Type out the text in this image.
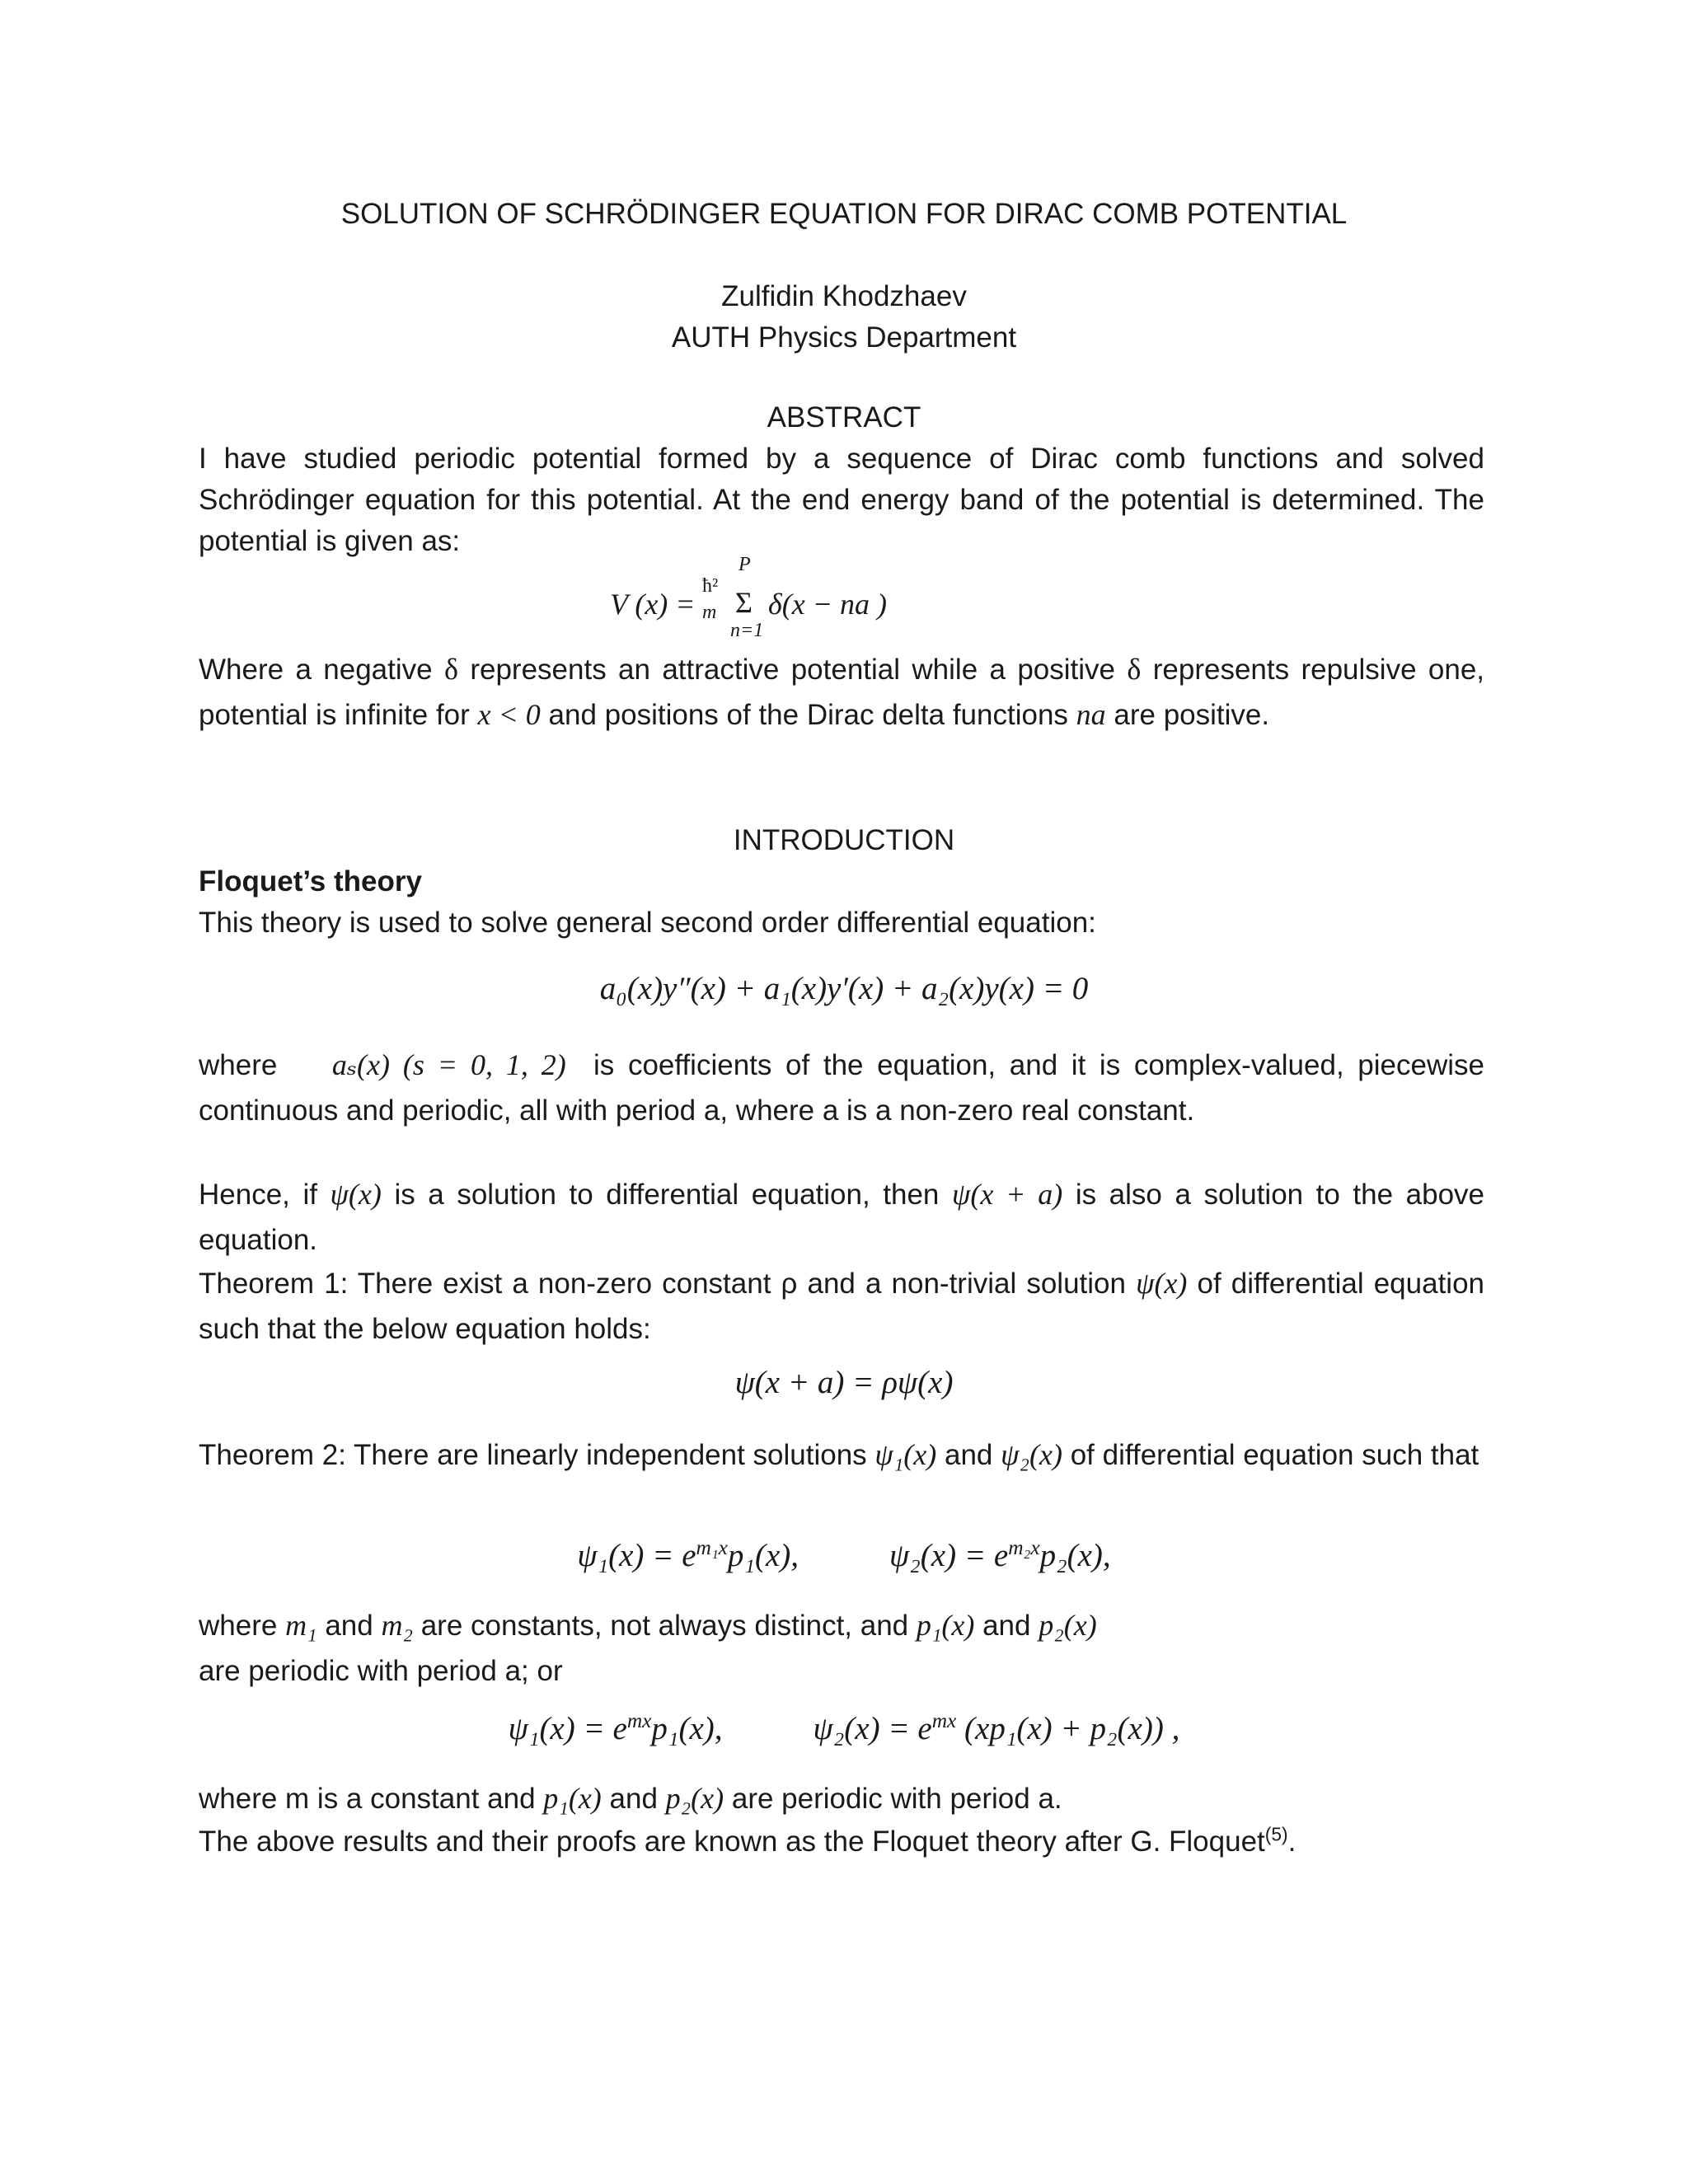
SOLUTION OF SCHRÖDINGER EQUATION FOR DIRAC COMB POTENTIAL
Zulfidin Khodzhaev
AUTH Physics Department
ABSTRACT
I have studied periodic potential formed by a sequence of Dirac comb functions and solved Schrödinger equation for this potential. At the end energy band of the potential is determined. The potential is given as:
V (x) =
ħ²
m
P
Σ
n=1
δ(x − na )
Where a negative δ represents an attractive potential while a positive δ represents repulsive one, potential is infinite for x < 0 and positions of the Dirac delta functions na are positive.
INTRODUCTION
Floquet’s theory
This theory is used to solve general second order differential equation:
a₀(x)y″(x) + a₁(x)y′(x) + a₂(x)y(x) = 0
where aₛ(x) (s = 0, 1, 2) is coefficients of the equation, and it is complex-valued, piecewise continuous and periodic, all with period a, where a is a non-zero real constant.
Hence, if ψ(x) is a solution to differential equation, then ψ(x + a) is also a solution to the above equation.
Theorem 1: There exist a non-zero constant ρ and a non-trivial solution ψ(x) of differential equation such that the below equation holds:
ψ(x + a) = ρψ(x)
Theorem 2: There are linearly independent solutions ψ₁(x) and ψ₂(x) of differential equation such that
$\psi_1(x) = e^{m_1x}p_1(x)$,	$\psi_2(x) = e^{m_2x}p_2(x)$,
where m₁ and m₂ are constants, not always distinct, and p₁(x) and p₂(x)
are periodic with period a; or
$\psi_1(x) = e^{mx}p_1(x)$,	$\psi_2(x) = e^{mx}$ (xp₁(x) + p₂(x)) ,
where m is a constant and p₁(x) and p₂(x) are periodic with period a.
The above results and their proofs are known as the Floquet theory after G. Floquet$^{(5)}$.
